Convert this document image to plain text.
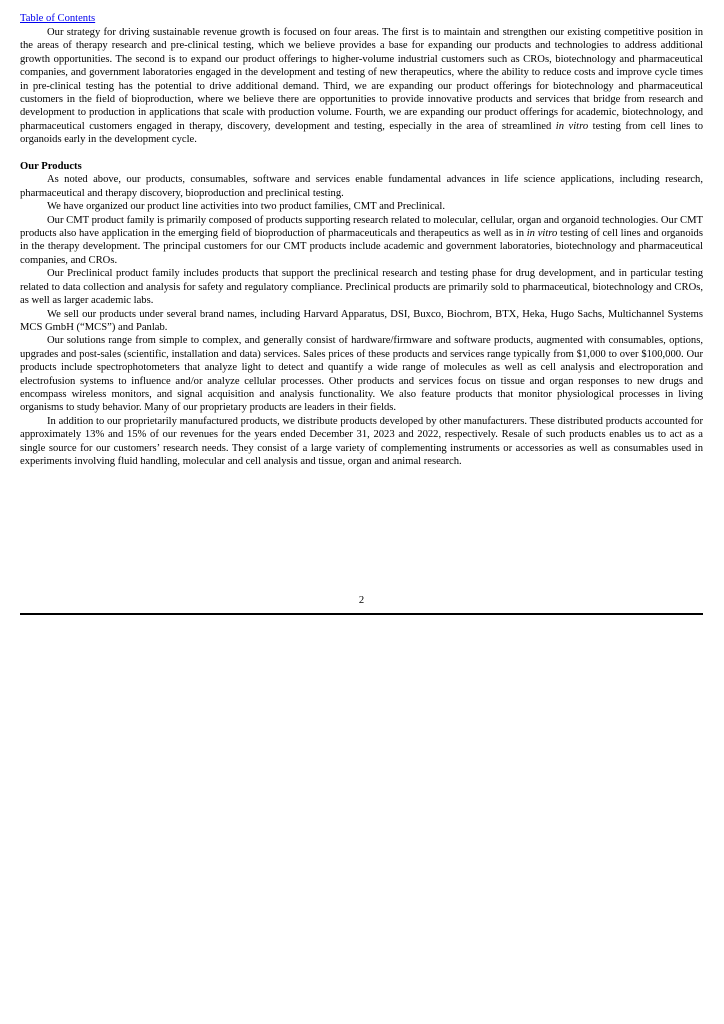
Table of Contents

Our strategy for driving sustainable revenue growth is focused on four areas. The first is to maintain and strengthen our existing competitive position in the areas of therapy research and pre-clinical testing, which we believe provides a base for expanding our products and technologies to address additional growth opportunities. The second is to expand our product offerings to higher-volume industrial customers such as CROs, biotechnology and pharmaceutical companies, and government laboratories engaged in the development and testing of new therapeutics, where the ability to reduce costs and improve cycle times in pre-clinical testing has the potential to drive additional demand. Third, we are expanding our product offerings for biotechnology and pharmaceutical customers in the field of bioproduction, where we believe there are opportunities to provide innovative products and services that bridge from research and development to production in applications that scale with production volume. Fourth, we are expanding our product offerings for academic, biotechnology, and pharmaceutical customers engaged in therapy, discovery, development and testing, especially in the area of streamlined in vitro testing from cell lines to organoids early in the development cycle.

Our Products

As noted above, our products, consumables, software and services enable fundamental advances in life science applications, including research, pharmaceutical and therapy discovery, bioproduction and preclinical testing.

We have organized our product line activities into two product families, CMT and Preclinical.

Our CMT product family is primarily composed of products supporting research related to molecular, cellular, organ and organoid technologies. Our CMT products also have application in the emerging field of bioproduction of pharmaceuticals and therapeutics as well as in in vitro testing of cell lines and organoids in the therapy development. The principal customers for our CMT products include academic and government laboratories, biotechnology and pharmaceutical companies, and CROs.

Our Preclinical product family includes products that support the preclinical research and testing phase for drug development, and in particular testing related to data collection and analysis for safety and regulatory compliance. Preclinical products are primarily sold to pharmaceutical, biotechnology and CROs, as well as larger academic labs.

We sell our products under several brand names, including Harvard Apparatus, DSI, Buxco, Biochrom, BTX, Heka, Hugo Sachs, Multichannel Systems MCS GmbH (“MCS”) and Panlab.

Our solutions range from simple to complex, and generally consist of hardware/firmware and software products, augmented with consumables, options, upgrades and post-sales (scientific, installation and data) services. Sales prices of these products and services range typically from $1,000 to over $100,000. Our products include spectrophotometers that analyze light to detect and quantify a wide range of molecules as well as cell analysis and electroporation and electrofusion systems to influence and/or analyze cellular processes. Other products and services focus on tissue and organ responses to new drugs and encompass wireless monitors, and signal acquisition and analysis functionality. We also feature products that monitor physiological processes in living organisms to study behavior. Many of our proprietary products are leaders in their fields.

In addition to our proprietarily manufactured products, we distribute products developed by other manufacturers. These distributed products accounted for approximately 13% and 15% of our revenues for the years ended December 31, 2023 and 2022, respectively. Resale of such products enables us to act as a single source for our customers’ research needs. They consist of a large variety of complementing instruments or accessories as well as consumables used in experiments involving fluid handling, molecular and cell analysis and tissue, organ and animal research.

2
